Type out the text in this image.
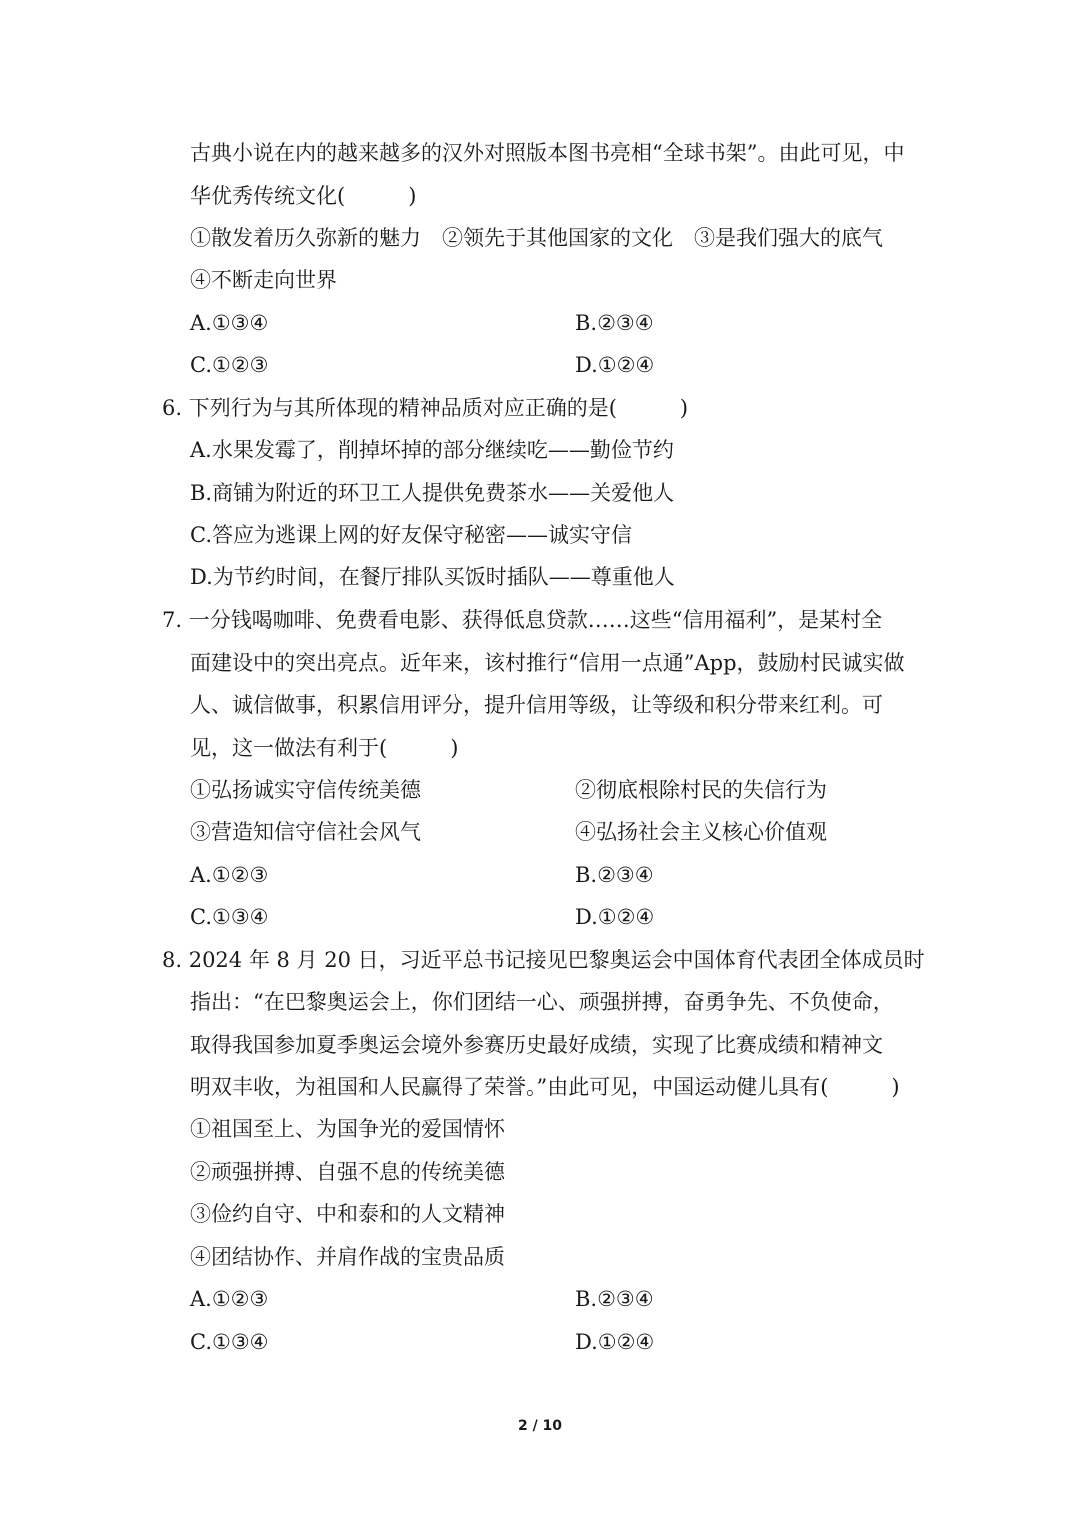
古典小说在内的越来越多的汉外对照版本图书亮相“全球书架”。由此可见，中
华优秀传统文化(　　　)
①散发着历久弥新的魅力　②领先于其他国家的文化　③是我们强大的底气
④不断走向世界
A.①③④	B.②③④
C.①②③	D.①②④
6. 下列行为与其所体现的精神品质对应正确的是(　　　)
A.水果发霉了，削掉坏掉的部分继续吃——勤俭节约
B.商铺为附近的环卫工人提供免费茶水——关爱他人
C.答应为逃课上网的好友保守秘密——诚实守信
D.为节约时间，在餐厅排队买饭时插队——尊重他人
7. 一分钱喝咖啡、免费看电影、获得低息贷款……这些“信用福利”，是某村全
面建设中的突出亮点。近年来，该村推行“信用一点通”App，鼓励村民诚实做
人、诚信做事，积累信用评分，提升信用等级，让等级和积分带来红利。可
见，这一做法有利于(　　　)
①弘扬诚实守信传统美德	②彻底根除村民的失信行为
③营造知信守信社会风气	④弘扬社会主义核心价值观
A.①②③	B.②③④
C.①③④	D.①②④
8. 2024 年 8 月 20 日，习近平总书记接见巴黎奥运会中国体育代表团全体成员时
指出：“在巴黎奥运会上，你们团结一心、顽强拼搏，奋勇争先、不负使命，
取得我国参加夏季奥运会境外参赛历史最好成绩，实现了比赛成绩和精神文
明双丰收，为祖国和人民赢得了荣誉。”由此可见，中国运动健儿具有(　　　)
①祖国至上、为国争光的爱国情怀
②顽强拼搏、自强不息的传统美德
③俭约自守、中和泰和的人文精神
④团结协作、并肩作战的宝贵品质
A.①②③	B.②③④
C.①③④	D.①②④
2 / 10
